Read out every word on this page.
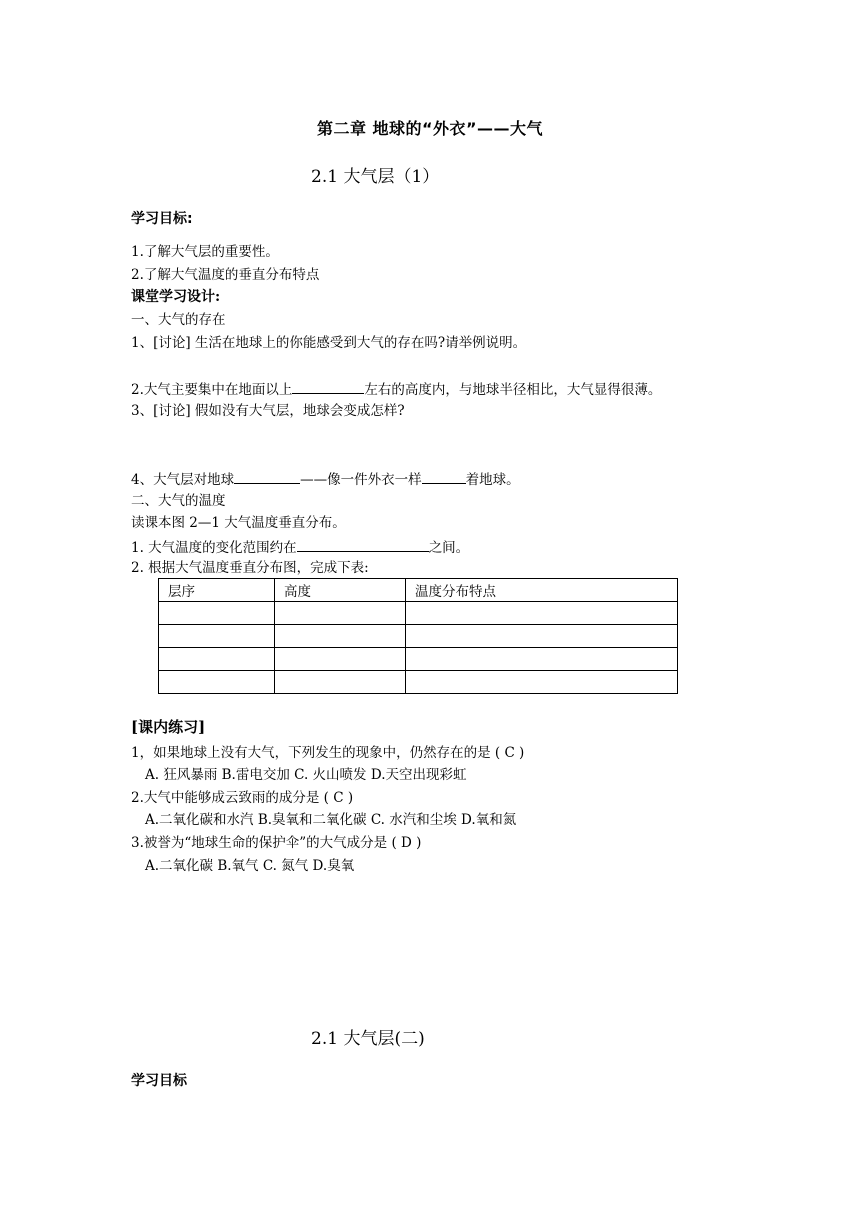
第二章 地球的“外衣”——大气
2.1 大气层（1）
学习目标:
1.了解大气层的重要性。
2.了解大气温度的垂直分布特点
课堂学习设计:
一、大气的存在
1、[讨论] 生活在地球上的你能感受到大气的存在吗?请举例说明。
2.大气主要集中在地面以上	左右的高度内，与地球半径相比，大气显得很薄。
3、[讨论] 假如没有大气层，地球会变成怎样?
4、大气层对地球	——像一件外衣一样	着地球。
二、大气的温度
读课本图 2—1 大气温度垂直分布。
1. 大气温度的变化范围约在	之间。
2. 根据大气温度垂直分布图，完成下表:
层序	高度	温度分布特点

[课内练习]
1，如果地球上没有大气，下列发生的现象中，仍然存在的是 ( C )
A. 狂风暴雨 B.雷电交加 C. 火山喷发 D.天空出现彩虹
2.大气中能够成云致雨的成分是 ( C )
A.二氧化碳和水汽 B.臭氧和二氧化碳 C. 水汽和尘埃 D.氧和氮
3.被誉为“地球生命的保护伞”的大气成分是 ( D )
A.二氧化碳 B.氧气 C. 氮气 D.臭氧
2.1 大气层(二)
学习目标
